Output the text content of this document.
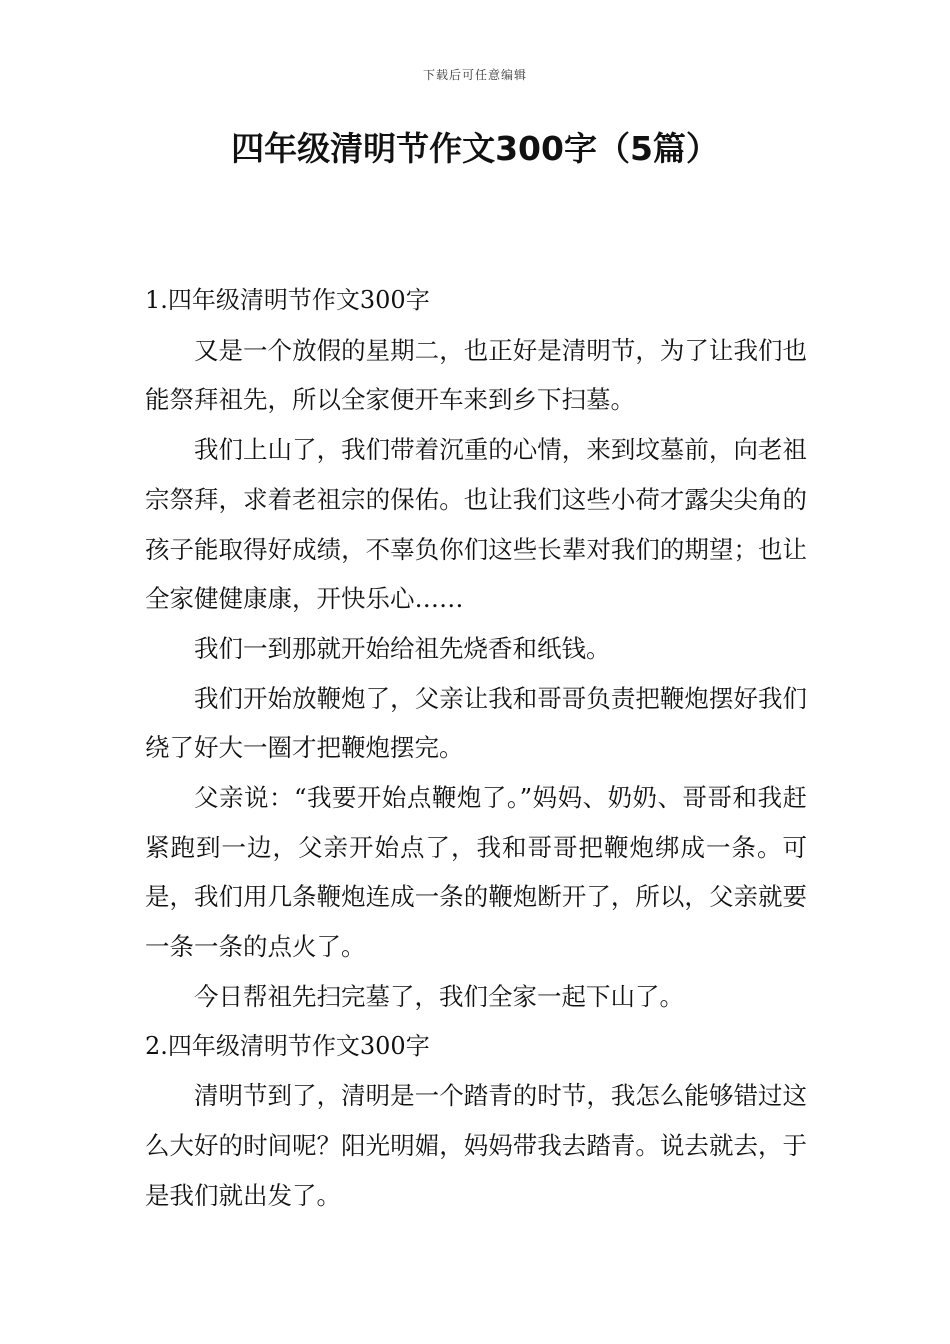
下载后可任意编辑
四年级清明节作文300字（5篇）

1.四年级清明节作文300字

又是一个放假的星期二，也正好是清明节，为了让我们也能祭拜祖先，所以全家便开车来到乡下扫墓。

我们上山了，我们带着沉重的心情，来到坟墓前，向老祖宗祭拜，求着老祖宗的保佑。也让我们这些小荷才露尖尖角的孩子能取得好成绩，不辜负你们这些长辈对我们的期望；也让全家健健康康，开快乐心……

我们一到那就开始给祖先烧香和纸钱。

我们开始放鞭炮了，父亲让我和哥哥负责把鞭炮摆好我们绕了好大一圈才把鞭炮摆完。

父亲说：“我要开始点鞭炮了。”妈妈、奶奶、哥哥和我赶紧跑到一边，父亲开始点了，我和哥哥把鞭炮绑成一条。可是，我们用几条鞭炮连成一条的鞭炮断开了，所以，父亲就要一条一条的点火了。

今日帮祖先扫完墓了，我们全家一起下山了。

2.四年级清明节作文300字

清明节到了，清明是一个踏青的时节，我怎么能够错过这么大好的时间呢？阳光明媚，妈妈带我去踏青。说去就去，于是我们就出发了。
